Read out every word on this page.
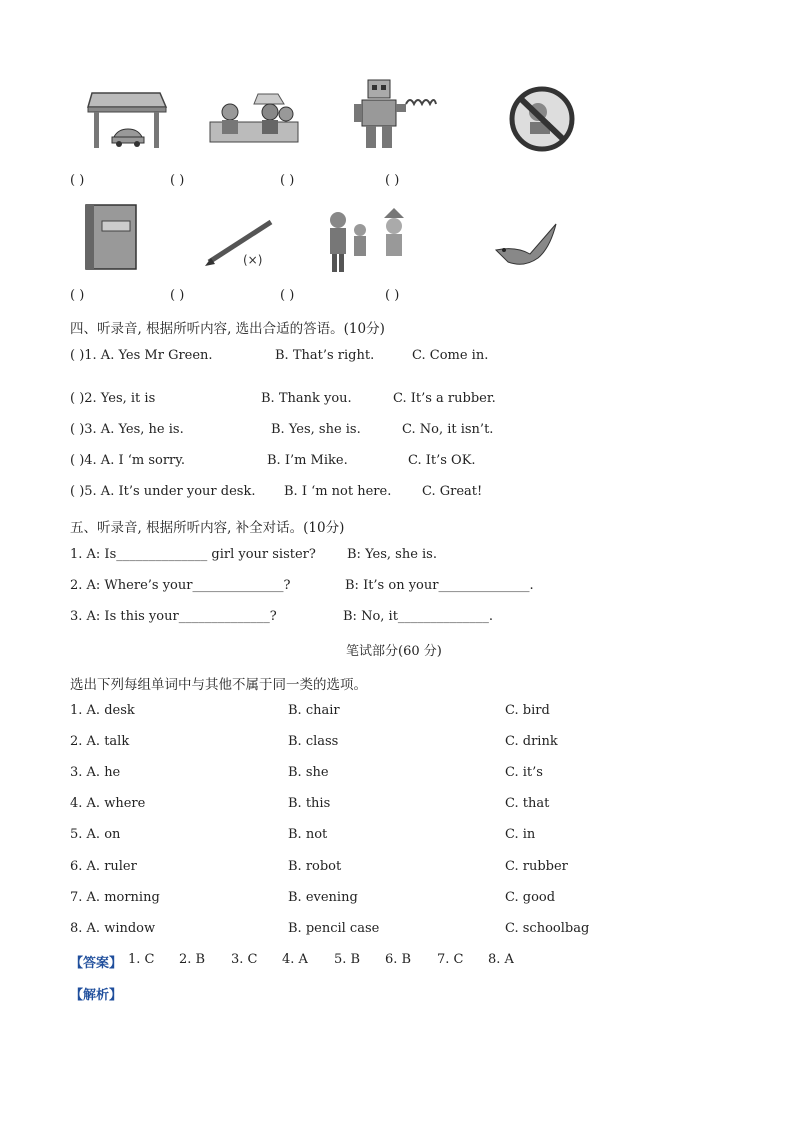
( )	( )	( )	( )
(×)
( )	( )	( )	( )
四、听录音, 根据所听内容, 选出合适的答语。(10分)
( )1. A. Yes Mr Green.	B. That’s right.	C. Come in.
( )2. Yes, it is	B. Thank you.	C. It’s a rubber.
( )3. A. Yes, he is.	B. Yes, she is.	C. No, it isn’t.
( )4. A. I ‘m sorry.	B. I’m Mike.	C. It’s OK.
( )5. A. It’s under your desk. B. I ‘m not here. C. Great!
五、听录音, 根据所听内容, 补全对话。(10分)
1. A: Is______________ girl your sister? B: Yes, she is.
2. A: Where’s your______________?	B: It’s on your______________.
3. A: Is this your______________?	B: No, it______________.
笔试部分(60 分)
选出下列每组单词中与其他不属于同一类的选项。
1. A. desk	B. chair	C. bird
2. A. talk	B. class	C. drink
3. A. he	B. she	C. it’s
4. A. where	B. this	C. that
5. A. on	B. not	C. in
6. A. ruler	B. robot	C. rubber
7. A. morning	B. evening	C. good
8. A. window	B. pencil case	C. schoolbag
【答案】 1. C 2. B 3. C 4. A 5. B 6. B 7. C 8. A
【解析】
